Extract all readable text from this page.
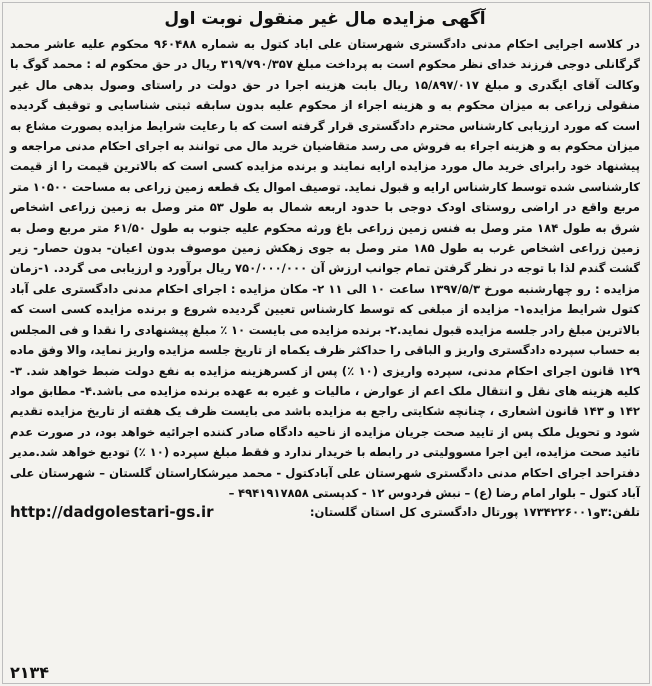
آگهی مزایده مال غیر منقول نوبت اول
در کلاسه اجرایی احکام مدنی دادگستری شهرستان علی اباد کتول به شماره ۹۶۰۴۸۸ محکوم علیه عاشر محمد گرگانلی دوجی فرزند خدای نظر محکوم است به پرداخت مبلغ ۳۱۹/۷۹۰/۳۵۷ ریال در حق محکوم له : محمد گوگ با وکالت آقای ایگدری و مبلغ ۱۵/۸۹۷/۰۱۷ ریال بابت هزینه اجرا در حق دولت در راستای وصول بدهی مال غیر منقولی زراعی به میزان محکوم به و هزینه اجراء از محکوم علیه بدون سابقه ثبتی شناسایی و توقیف گردیده است که مورد ارزیابی کارشناس محترم دادگستری قرار گرفته است که با رعایت شرایط مزایده بصورت مشاع به میزان محکوم به و هزینه اجراء به فروش می رسد متقاضیان خرید مال می توانند به اجرای احکام مدنی مراجعه و پیشنهاد خود رابرای خرید مال مورد مزایده ارایه نمایند و برنده مزایده کسی است که بالاترین قیمت را از قیمت کارشناسی شده توسط کارشناس ارایه و قبول نماید. توصیف اموال یک قطعه زمین زراعی به مساحت ۱۰۵۰۰ متر مربع واقع در اراضی روستای اودک دوجی با حدود اربعه شمال به طول ۵۳ متر وصل به زمین زراعی اشخاص شرق به طول ۱۸۴ متر وصل به فنس زمین زراعی باغ ورثه محکوم علیه جنوب به طول ۶۱/۵۰ متر مربع وصل به زمین زراعی اشخاص غرب به طول ۱۸۵ متر وصل به جوی زهکش زمین موصوف بدون اعیان- بدون حصار- زیر گشت گندم لذا با توجه در نظر گرفتن تمام جوانب ارزش آن ۷۵۰/۰۰۰/۰۰۰ ریال برآورد و ارزیابی می گردد. ۱-زمان مزایده : رو چهارشنبه مورخ ۱۳۹۷/۵/۳ ساعت ۱۰ الی ۱۱ ۲- مکان مزایده : اجرای احکام مدنی دادگستری علی آباد کتول شرایط مزایده۱- مزایده از مبلغی که توسط کارشناس تعیین گردیده شروع و برنده مزایده کسی است که بالاترین مبلغ رادر جلسه مزایده قبول نماید.۲- برنده مزایده می بایست ۱۰ ٪ مبلغ پیشنهادی را نقدا و فی المجلس به حساب سپرده دادگستری واریز و الباقی را حداکثر ظرف یکماه از تاریخ جلسه مزایده واریز نماید، والا وفق ماده ۱۲۹ قانون اجرای احکام مدنی، سپرده واریزی (۱۰ ٪) پس از کسرهزینه مزایده به نفع دولت ضبط خواهد شد. ۳- کلیه هزینه های نقل و انتقال ملک اعم از عوارض ، مالیات و غیره به عهده برنده مزایده می باشد.۴- مطابق مواد ۱۴۲ و ۱۴۳ قانون اشعاری ، چنانچه شکایتی راجع به مزایده باشد می بایست ظرف یک هفته از تاریخ مزایده تقدیم شود و تحویل ملک پس از تایید صحت جریان مزایده از ناحیه دادگاه صادر کننده اجرائیه خواهد بود، در صورت عدم تائید صحت مزایده، این اجرا مسوولیتی در رابطه با خریدار ندارد و فقط مبلغ سپرده (۱۰ ٪) تودیع خواهد شد.مدیر دفتراحد اجرای احکام مدنی دادگستری شهرستان علی آبادکتول - محمد میرشکاراستان گلستان – شهرستان علی آباد کتول – بلوار امام رضا (ع) – نبش فردوس ۱۲ - کدپستی ۴۹۴۱۹۱۷۸۵۸ –
تلفن:۳و۱۷۳۴۲۲۶۰۰۱ پورتال دادگستری کل استان گلستان:
http://dadgolestari-gs.ir
۲۱۳۴
